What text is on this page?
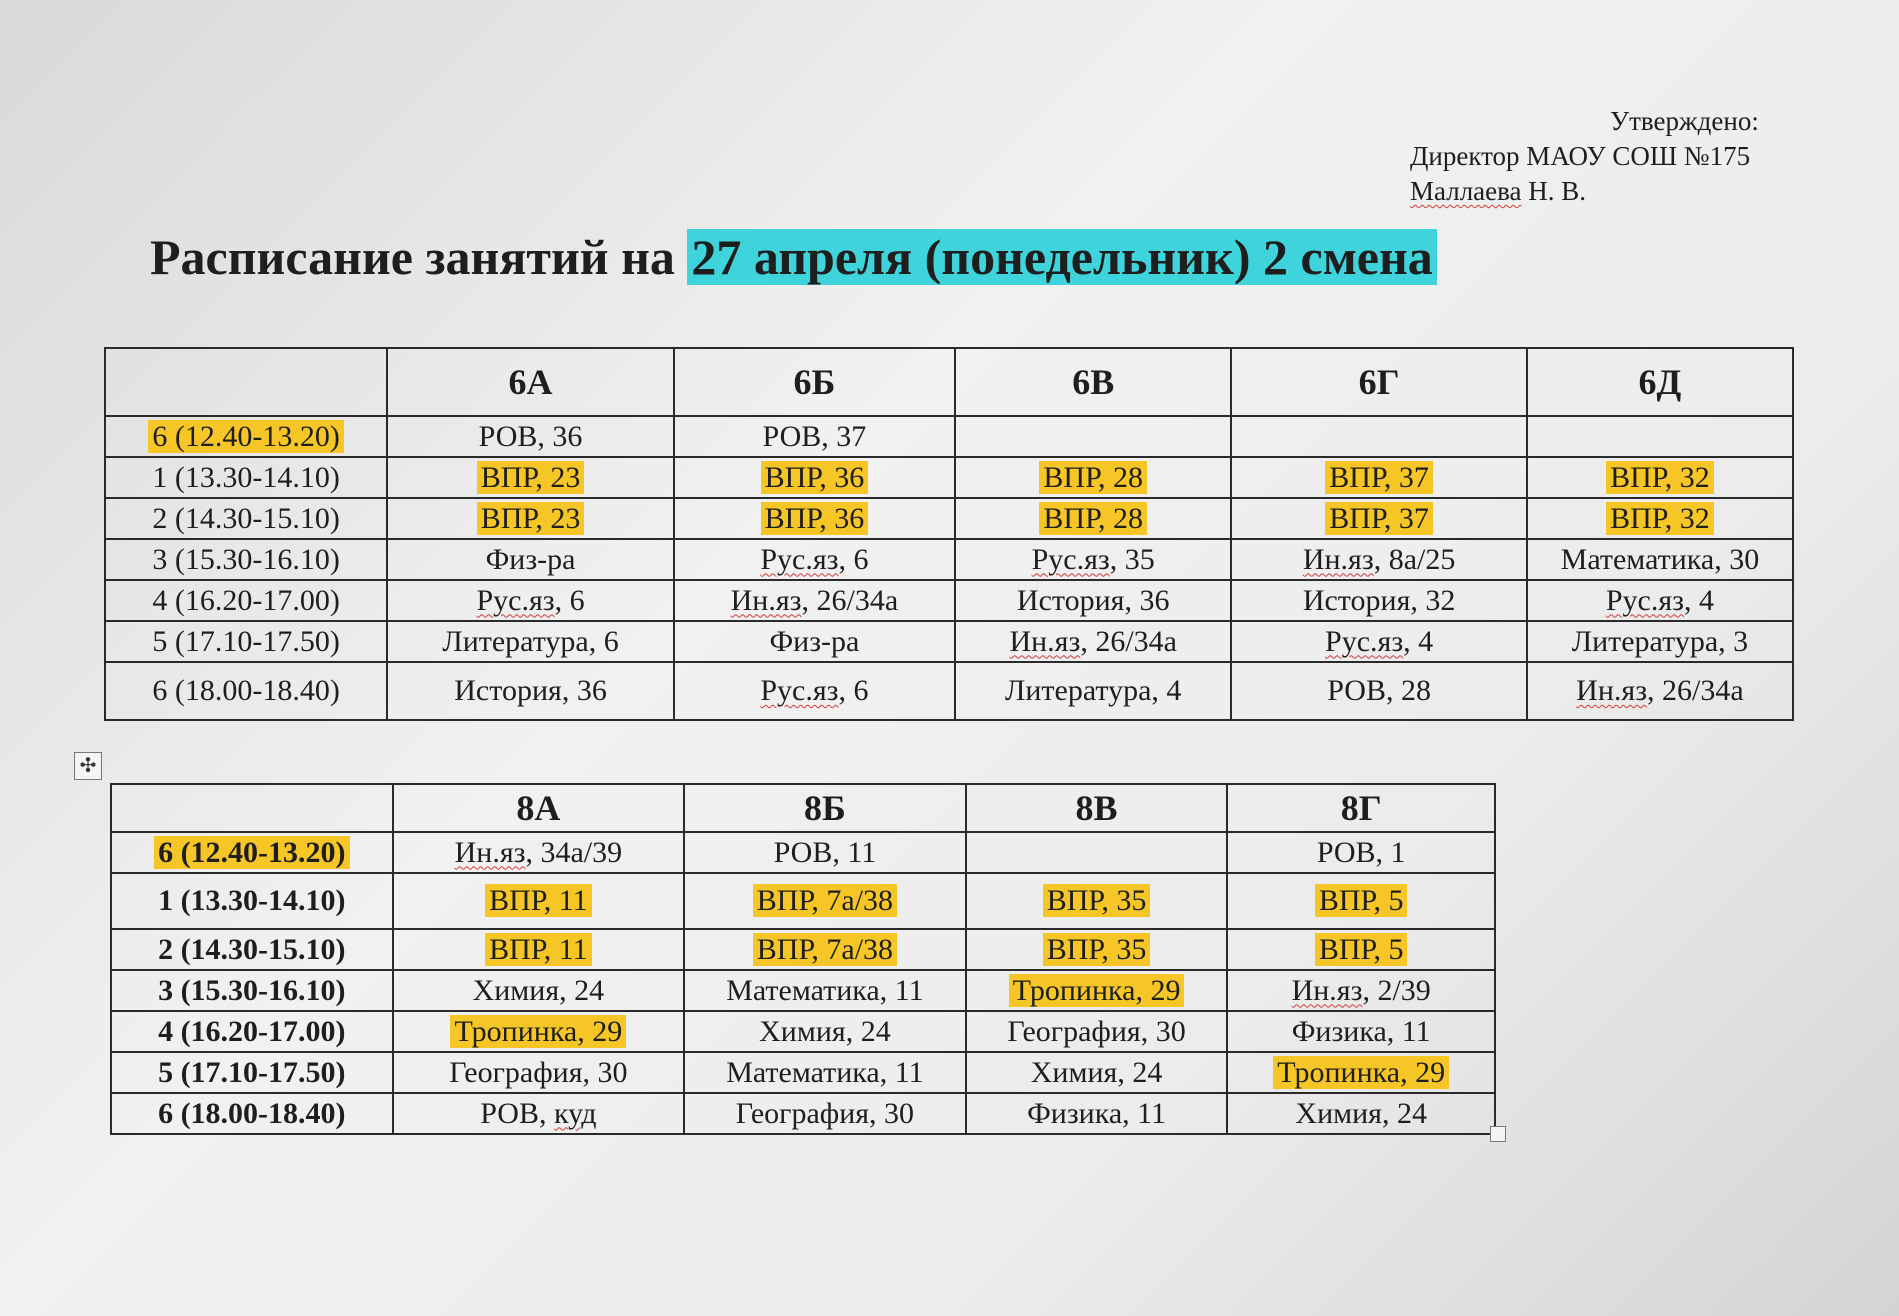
Утверждено:
Директор МАОУ СОШ №175
Маллаева Н. В.
Расписание занятий на 27 апреля (понедельник) 2 смена
	6А	6Б	6В	6Г	6Д
6 (12.40-13.20)	РОВ, 36	РОВ, 37			
1 (13.30-14.10)	ВПР, 23	ВПР, 36	ВПР, 28	ВПР, 37	ВПР, 32
2 (14.30-15.10)	ВПР, 23	ВПР, 36	ВПР, 28	ВПР, 37	ВПР, 32
3 (15.30-16.10)	Физ-ра	Рус.яз, 6	Рус.яз, 35	Ин.яз, 8а/25	Математика, 30
4 (16.20-17.00)	Рус.яз, 6	Ин.яз, 26/34а	История, 36	История, 32	Рус.яз, 4
5 (17.10-17.50)	Литература, 6	Физ-ра	Ин.яз, 26/34а	Рус.яз, 4	Литература, 3
6 (18.00-18.40)	История, 36	Рус.яз, 6	Литература, 4	РОВ, 28	Ин.яз, 26/34а
✣
	8А	8Б	8В	8Г
6 (12.40-13.20)	Ин.яз, 34а/39	РОВ, 11		РОВ, 1
1 (13.30-14.10)	ВПР, 11	ВПР, 7а/38	ВПР, 35	ВПР, 5
2 (14.30-15.10)	ВПР, 11	ВПР, 7а/38	ВПР, 35	ВПР, 5
3 (15.30-16.10)	Химия, 24	Математика, 11	Тропинка, 29	Ин.яз, 2/39
4 (16.20-17.00)	Тропинка, 29	Химия, 24	География, 30	Физика, 11
5 (17.10-17.50)	География, 30	Математика, 11	Химия, 24	Тропинка, 29
6 (18.00-18.40)	РОВ, куд	География, 30	Физика, 11	Химия, 24
